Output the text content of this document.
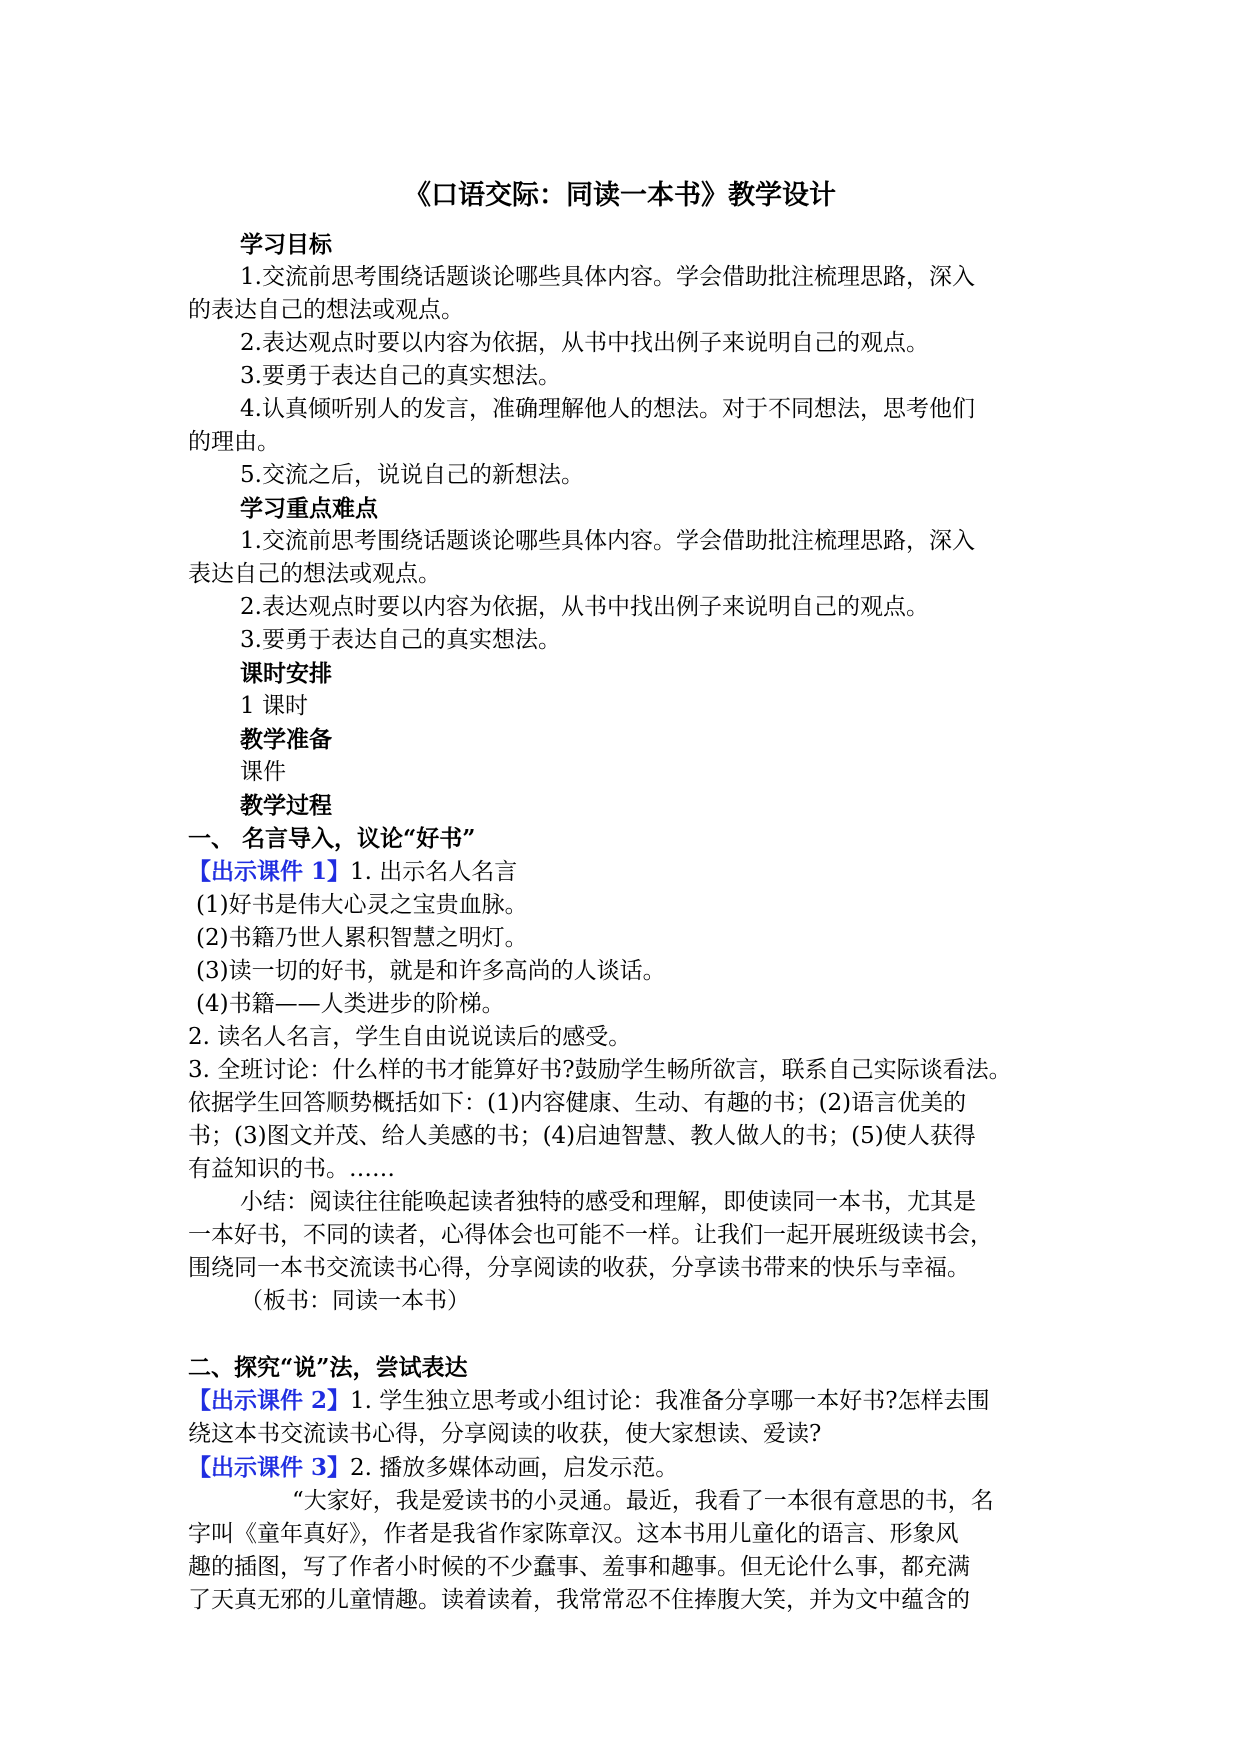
《口语交际：同读一本书》教学设计

学习目标

1.交流前思考围绕话题谈论哪些具体内容。学会借助批注梳理思路，深入

的表达自己的想法或观点。

2.表达观点时要以内容为依据，从书中找出例子来说明自己的观点。

3.要勇于表达自己的真实想法。

4.认真倾听别人的发言，准确理解他人的想法。对于不同想法，思考他们

的理由。

5.交流之后，说说自己的新想法。

学习重点难点

1.交流前思考围绕话题谈论哪些具体内容。学会借助批注梳理思路，深入

表达自己的想法或观点。

2.表达观点时要以内容为依据，从书中找出例子来说明自己的观点。

3.要勇于表达自己的真实想法。

课时安排

1 课时

教学准备

课件

教学过程

一、 名言导入，议论“好书”

【出示课件 1】1. 出示名人名言

(1)好书是伟大心灵之宝贵血脉。

(2)书籍乃世人累积智慧之明灯。

(3)读一切的好书，就是和许多高尚的人谈话。

(4)书籍——人类进步的阶梯。

2. 读名人名言，学生自由说说读后的感受。

3. 全班讨论：什么样的书才能算好书?鼓励学生畅所欲言，联系自己实际谈看法。

依据学生回答顺势概括如下：(1)内容健康、生动、有趣的书；(2)语言优美的

书；(3)图文并茂、给人美感的书；(4)启迪智慧、教人做人的书；(5)使人获得

有益知识的书。……

小结：阅读往往能唤起读者独特的感受和理解，即使读同一本书，尤其是

一本好书，不同的读者，心得体会也可能不一样。让我们一起开展班级读书会，

围绕同一本书交流读书心得，分享阅读的收获，分享读书带来的快乐与幸福。

（板书：同读一本书）

二、探究“说”法，尝试表达

【出示课件 2】1. 学生独立思考或小组讨论：我准备分享哪一本好书?怎样去围

绕这本书交流读书心得，分享阅读的收获，使大家想读、爱读?

【出示课件 3】2. 播放多媒体动画，启发示范。

“大家好，我是爱读书的小灵通。最近，我看了一本很有意思的书，名

字叫《童年真好》，作者是我省作家陈章汉。这本书用儿童化的语言、形象风

趣的插图，写了作者小时候的不少蠢事、羞事和趣事。但无论什么事，都充满

了天真无邪的儿童情趣。读着读着，我常常忍不住捧腹大笑，并为文中蕴含的
